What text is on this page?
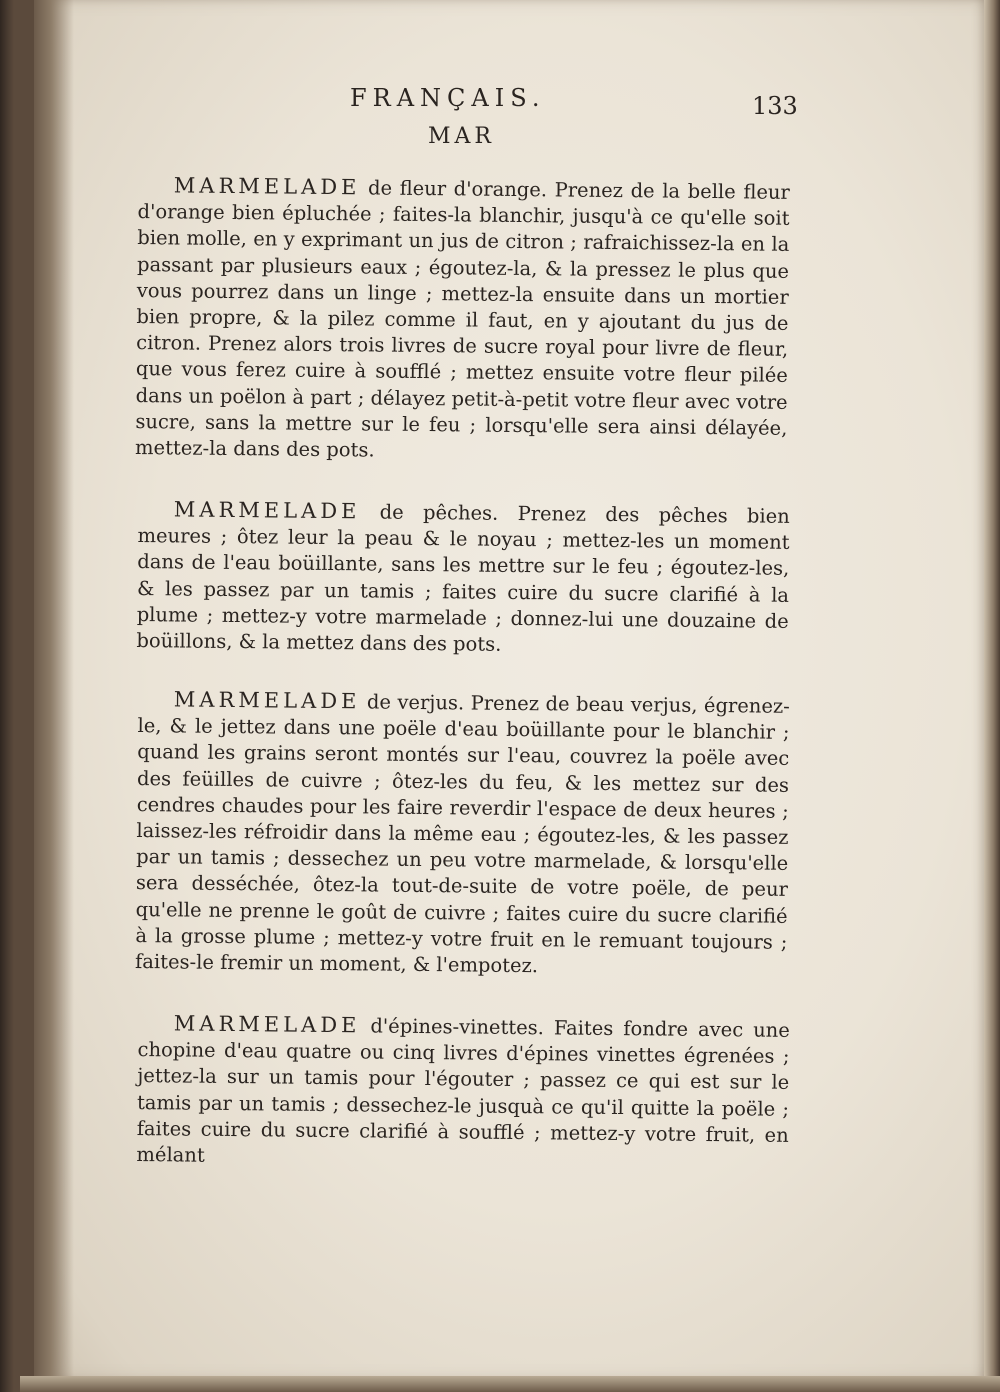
FRANÇAIS.	133
MAR
MARMELADE de fleur d'orange. Prenez de la belle fleur d'orange bien épluchée ; faites-la blanchir, jusqu'à ce qu'elle soit bien molle, en y exprimant un jus de citron ; rafraichissez-la en la passant par plusieurs eaux ; égoutez-la, & la pressez le plus que vous pourrez dans un linge ; mettez-la ensuite dans un mortier bien propre, & la pilez comme il faut, en y ajoutant du jus de citron. Prenez alors trois livres de sucre royal pour livre de fleur, que vous ferez cuire à soufflé ; mettez ensuite votre fleur pilée dans un poëlon à part ; délayez petit-à-petit votre fleur avec votre sucre, sans la mettre sur le feu ; lorsqu'elle sera ainsi délayée, mettez-la dans des pots.
MARMELADE de pêches. Prenez des pêches bien meures ; ôtez leur la peau & le noyau ; mettez-les un moment dans de l'eau boüillante, sans les mettre sur le feu ; égoutez-les, & les passez par un tamis ; faites cuire du sucre clarifié à la plume ; mettez-y votre marmelade ; donnez-lui une douzaine de boüillons, & la mettez dans des pots.
MARMELADE de verjus. Prenez de beau verjus, égrenez-le, & le jettez dans une poële d'eau boüillante pour le blanchir ; quand les grains seront montés sur l'eau, couvrez la poële avec des feüilles de cuivre ; ôtez-les du feu, & les mettez sur des cendres chaudes pour les faire reverdir l'espace de deux heures ; laissez-les réfroidir dans la même eau ; égoutez-les, & les passez par un tamis ; dessechez un peu votre marmelade, & lorsqu'elle sera desséchée, ôtez-la tout-de-suite de votre poële, de peur qu'elle ne prenne le goût de cuivre ; faites cuire du sucre clarifié à la grosse plume ; mettez-y votre fruit en le remuant toujours ; faites-le fremir un moment, & l'empotez.
MARMELADE d'épines-vinettes. Faites fondre avec une chopine d'eau quatre ou cinq livres d'épines vinettes égrenées ; jettez-la sur un tamis pour l'égouter ; passez ce qui est sur le tamis par un tamis ; dessechez-le jusquà ce qu'il quitte la poële ; faites cuire du sucre clarifié à soufflé ; mettez-y votre fruit, en mélant
